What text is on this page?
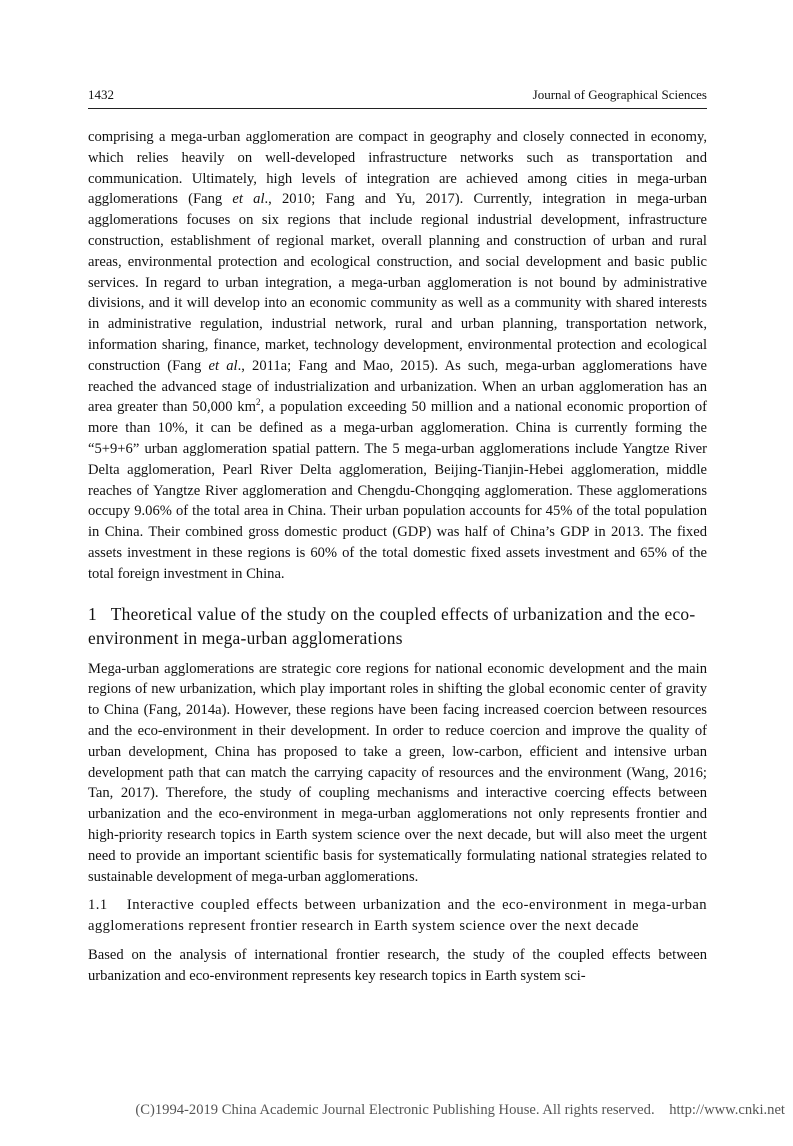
1432	Journal of Geographical Sciences

comprising a mega-urban agglomeration are compact in geography and closely connected in economy, which relies heavily on well-developed infrastructure networks such as transportation and communication. Ultimately, high levels of integration are achieved among cities in mega-urban agglomerations (Fang et al., 2010; Fang and Yu, 2017). Currently, integration in mega-urban agglomerations focuses on six regions that include regional industrial development, infrastructure construction, establishment of regional market, overall planning and construction of urban and rural areas, environmental protection and ecological construction, and social development and basic public services. In regard to urban integration, a mega-urban agglomeration is not bound by administrative divisions, and it will develop into an economic community as well as a community with shared interests in administrative regulation, industrial network, rural and urban planning, transportation network, information sharing, finance, market, technology development, environmental protection and ecological construction (Fang et al., 2011a; Fang and Mao, 2015). As such, mega-urban agglomerations have reached the advanced stage of industrialization and urbanization. When an urban agglomeration has an area greater than 50,000 $km^2$, a population exceeding 50 million and a national economic proportion of more than 10%, it can be defined as a mega-urban agglomeration. China is currently forming the “5+9+6” urban agglomeration spatial pattern. The 5 mega-urban agglomerations include Yangtze River Delta agglomeration, Pearl River Delta agglomeration, Beijing-Tianjin-Hebei agglomeration, middle reaches of Yangtze River agglomeration and Chengdu-Chongqing agglomeration. These agglomerations occupy 9.06% of the total area in China. Their urban population accounts for 45% of the total population in China. Their combined gross domestic product (GDP) was half of China’s GDP in 2013. The fixed assets investment in these regions is 60% of the total domestic fixed assets investment and 65% of the total foreign investment in China.

1 Theoretical value of the study on the coupled effects of urbanization and the eco-environment in mega-urban agglomerations

Mega-urban agglomerations are strategic core regions for national economic development and the main regions of new urbanization, which play important roles in shifting the global economic center of gravity to China (Fang, 2014a). However, these regions have been facing increased coercion between resources and the eco-environment in their development. In order to reduce coercion and improve the quality of urban development, China has proposed to take a green, low-carbon, efficient and intensive urban development path that can match the carrying capacity of resources and the environment (Wang, 2016; Tan, 2017). Therefore, the study of coupling mechanisms and interactive coercing effects between urbanization and the eco-environment in mega-urban agglomerations not only represents frontier and high-priority research topics in Earth system science over the next decade, but will also meet the urgent need to provide an important scientific basis for systematically formulating national strategies related to sustainable development of mega-urban agglomerations.

1.1 Interactive coupled effects between urbanization and the eco-environment in mega-urban agglomerations represent frontier research in Earth system science over the next decade

Based on the analysis of international frontier research, the study of the coupled effects between urbanization and eco-environment represents key research topics in Earth system sci-

(C)1994-2019 China Academic Journal Electronic Publishing House. All rights reserved. http://www.cnki.net
